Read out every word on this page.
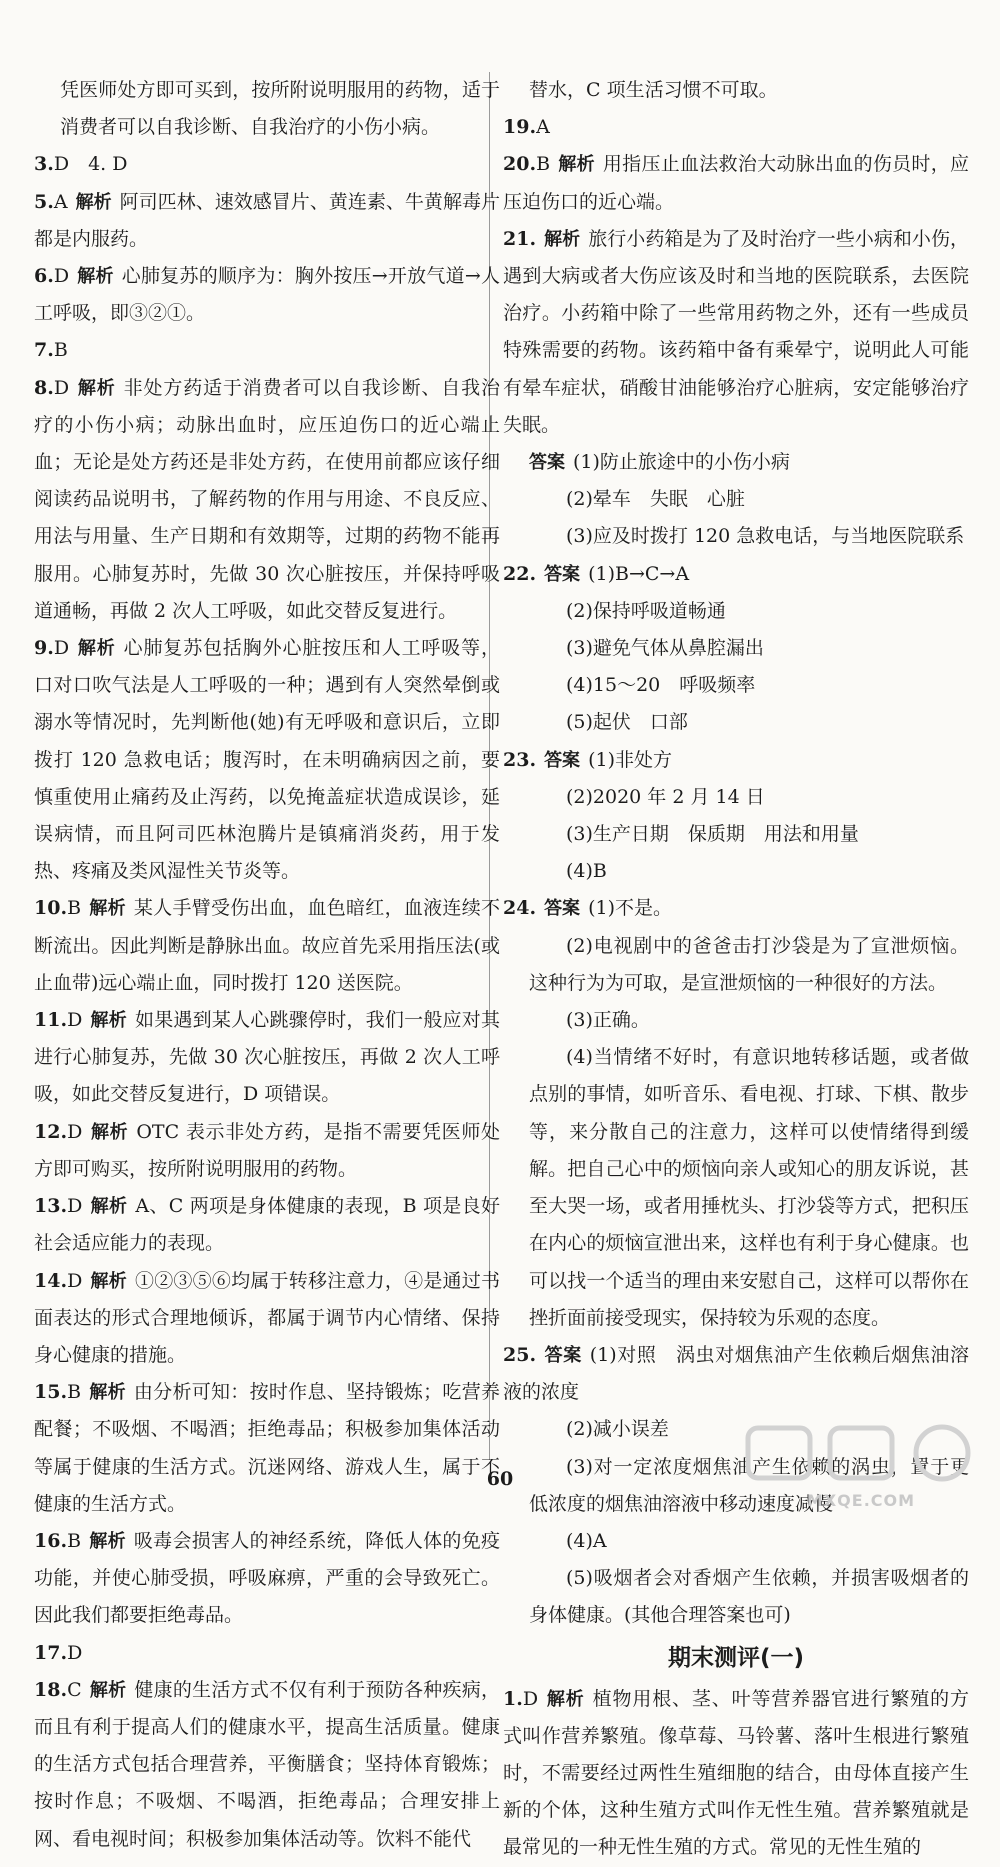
凭医师处方即可买到，按所附说明服用的药物，适于消费者可以自我诊断、自我治疗的小伤小病。
3.D　4. D
5.A 解析 阿司匹林、速效感冒片、黄连素、牛黄解毒片都是内服药。
6.D 解析 心肺复苏的顺序为：胸外按压→开放气道→人工呼吸，即③②①。
7.B
8.D 解析 非处方药适于消费者可以自我诊断、自我治疗的小伤小病；动脉出血时，应压迫伤口的近心端止血；无论是处方药还是非处方药，在使用前都应该仔细阅读药品说明书，了解药物的作用与用途、不良反应、用法与用量、生产日期和有效期等，过期的药物不能再服用。心肺复苏时，先做 30 次心脏按压，并保持呼吸道通畅，再做 2 次人工呼吸，如此交替反复进行。
9.D 解析 心肺复苏包括胸外心脏按压和人工呼吸等，口对口吹气法是人工呼吸的一种；遇到有人突然晕倒或溺水等情况时，先判断他(她)有无呼吸和意识后，立即拨打 120 急救电话；腹泻时，在未明确病因之前，要慎重使用止痛药及止泻药，以免掩盖症状造成误诊，延误病情，而且阿司匹林泡腾片是镇痛消炎药，用于发热、疼痛及类风湿性关节炎等。
10.B 解析 某人手臂受伤出血，血色暗红，血液连续不断流出。因此判断是静脉出血。故应首先采用指压法(或止血带)远心端止血，同时拨打 120 送医院。
11.D 解析 如果遇到某人心跳骤停时，我们一般应对其进行心肺复苏，先做 30 次心脏按压，再做 2 次人工呼吸，如此交替反复进行，D 项错误。
12.D 解析 OTC 表示非处方药，是指不需要凭医师处方即可购买，按所附说明服用的药物。
13.D 解析 A、C 两项是身体健康的表现，B 项是良好社会适应能力的表现。
14.D 解析 ①②③⑤⑥均属于转移注意力，④是通过书面表达的形式合理地倾诉，都属于调节内心情绪、保持身心健康的措施。
15.B 解析 由分析可知：按时作息、坚持锻炼；吃营养配餐；不吸烟、不喝酒；拒绝毒品；积极参加集体活动等属于健康的生活方式。沉迷网络、游戏人生，属于不健康的生活方式。
16.B 解析 吸毒会损害人的神经系统，降低人体的免疫功能，并使心肺受损，呼吸麻痹，严重的会导致死亡。因此我们都要拒绝毒品。
17.D
18.C 解析 健康的生活方式不仅有利于预防各种疾病，而且有利于提高人们的健康水平，提高生活质量。健康的生活方式包括合理营养，平衡膳食；坚持体育锻炼；按时作息；不吸烟、不喝酒，拒绝毒品；合理安排上网、看电视时间；积极参加集体活动等。饮料不能代
替水，C 项生活习惯不可取。
19.A
20.B 解析 用指压止血法救治大动脉出血的伤员时，应压迫伤口的近心端。
21. 解析 旅行小药箱是为了及时治疗一些小病和小伤，遇到大病或者大伤应该及时和当地的医院联系，去医院治疗。小药箱中除了一些常用药物之外，还有一些成员特殊需要的药物。该药箱中备有乘晕宁，说明此人可能有晕车症状，硝酸甘油能够治疗心脏病，安定能够治疗失眠。
答案 (1)防止旅途中的小伤小病
(2)晕车　失眠　心脏
(3)应及时拨打 120 急救电话，与当地医院联系
22. 答案 (1)B→C→A
(2)保持呼吸道畅通
(3)避免气体从鼻腔漏出
(4)15～20　呼吸频率
(5)起伏　口部
23. 答案 (1)非处方
(2)2020 年 2 月 14 日
(3)生产日期　保质期　用法和用量
(4)B
24. 答案 (1)不是。
(2)电视剧中的爸爸击打沙袋是为了宣泄烦恼。这种行为为可取，是宣泄烦恼的一种很好的方法。
(3)正确。
(4)当情绪不好时，有意识地转移话题，或者做点别的事情，如听音乐、看电视、打球、下棋、散步等，来分散自己的注意力，这样可以使情绪得到缓解。把自己心中的烦恼向亲人或知心的朋友诉说，甚至大哭一场，或者用捶枕头、打沙袋等方式，把积压在内心的烦恼宣泄出来，这样也有利于身心健康。也可以找一个适当的理由来安慰自己，这样可以帮你在挫折面前接受现实，保持较为乐观的态度。
25. 答案 (1)对照　涡虫对烟焦油产生依赖后烟焦油溶液的浓度
(2)减小误差
(3)对一定浓度烟焦油产生依赖的涡虫，置于更低浓度的烟焦油溶液中移动速度减慢
(4)A
(5)吸烟者会对香烟产生依赖，并损害吸烟者的身体健康。(其他合理答案也可)
期末测评(一)
1.D 解析 植物用根、茎、叶等营养器官进行繁殖的方式叫作营养繁殖。像草莓、马铃薯、落叶生根进行繁殖时，不需要经过两性生殖细胞的结合，由母体直接产生新的个体，这种生殖方式叫作无性生殖。营养繁殖就是最常见的一种无性生殖的方式。常见的无性生殖的
60
MXQE.COM
